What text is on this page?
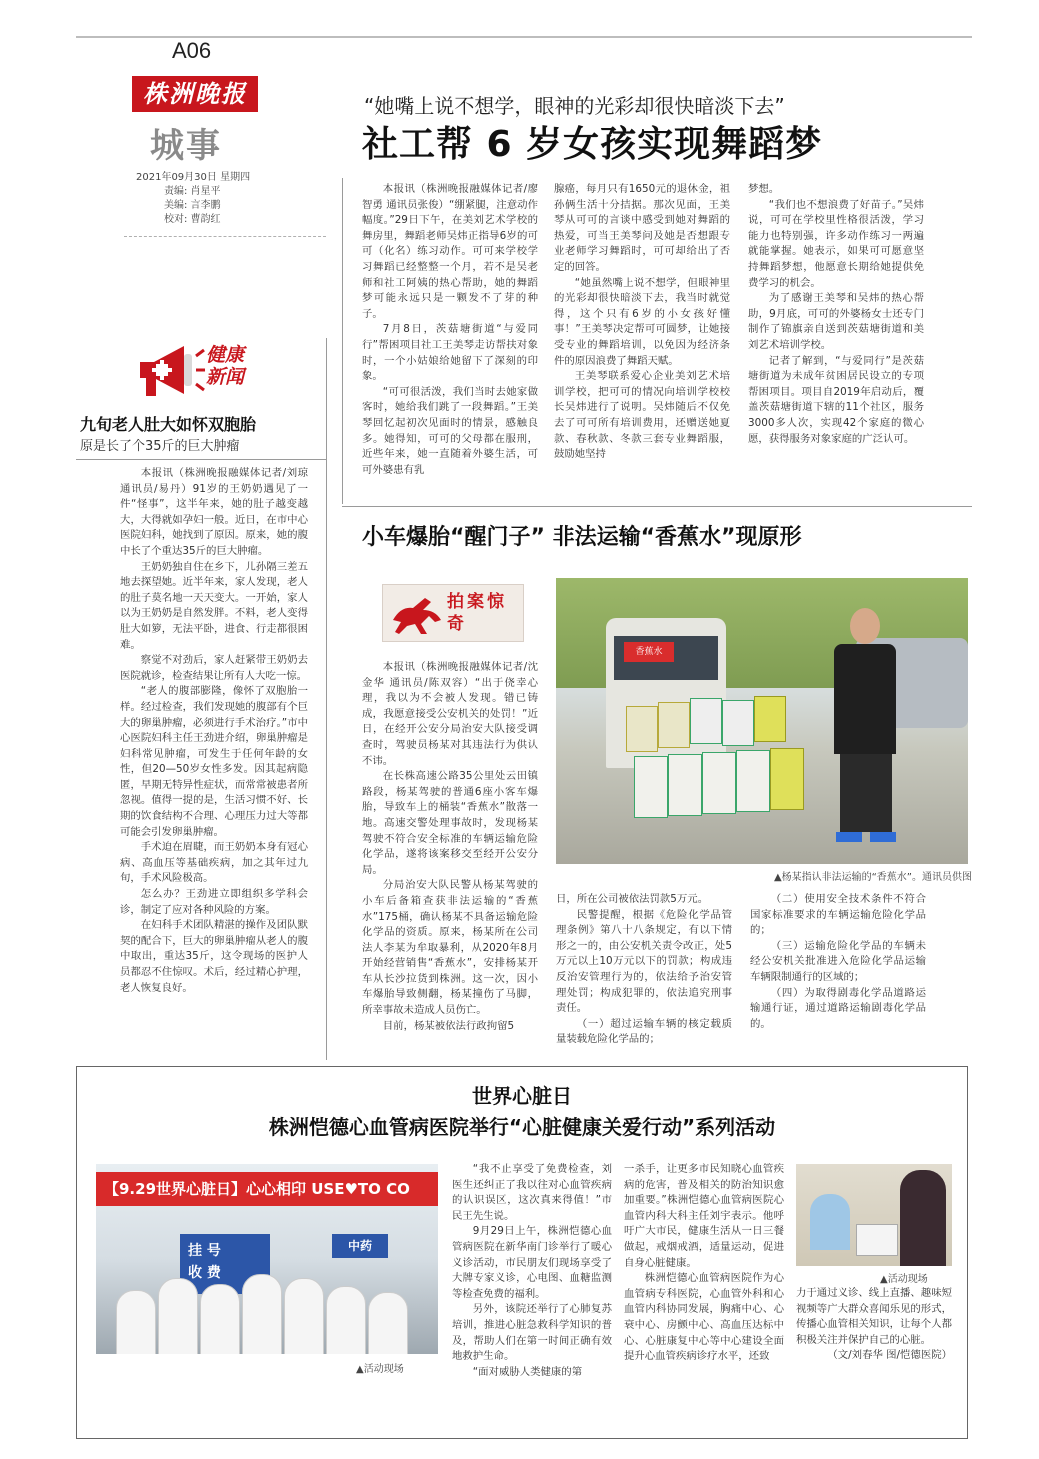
A06
株洲晚报
城事
2021年09月30日 星期四
责编: 肖星平
美编: 言李鹏
校对: 曹韵红
“她嘴上说不想学，眼神的光彩却很快暗淡下去”
社工帮 6 岁女孩实现舞蹈梦

本报讯（株洲晚报融媒体记者/廖智勇 通讯员张俊）“绷紧腿，注意动作幅度。”29日下午，在美刘艺术学校的舞房里，舞蹈老师吴炜正指导6岁的可可（化名）练习动作。可可来学校学习舞蹈已经整整一个月，若不是吴老师和社工阿姨的热心帮助，她的舞蹈梦可能永远只是一颗发不了芽的种子。

7月8日，茨菇塘街道“与爱同行”帮困项目社工王美琴走访帮扶对象时，一个小姑娘给她留下了深刻的印象。

“可可很活泼，我们当时去她家做客时，她给我们跳了一段舞蹈。”王美琴回忆起初次见面时的情景，感触良多。她得知，可可的父母都在服刑，近些年来，她一直随着外婆生活，可可外婆患有乳

腺癌，每月只有1650元的退休金，祖孙俩生活十分拮据。那次见面，王美琴从可可的言谈中感受到她对舞蹈的热爱，可当王美琴问及她是否想跟专业老师学习舞蹈时，可可却给出了否定的回答。

“她虽然嘴上说不想学，但眼神里的光彩却很快暗淡下去，我当时就觉得，这个只有6岁的小女孩好懂事！”王美琴决定帮可可圆梦，让她接受专业的舞蹈培训，以免因为经济条件的原因浪费了舞蹈天赋。

王美琴联系爱心企业美刘艺术培训学校，把可可的情况向培训学校校长吴炜进行了说明。吴炜随后不仅免去了可可所有培训费用，还赠送她夏款、春秋款、冬款三套专业舞蹈服，鼓励她坚持

梦想。

“我们也不想浪费了好苗子。”吴炜说，可可在学校里性格很活泼，学习能力也特别强，许多动作练习一两遍就能掌握。她表示，如果可可愿意坚持舞蹈梦想，他愿意长期给她提供免费学习的机会。

为了感谢王美琴和吴炜的热心帮助，9月底，可可的外婆杨女士还专门制作了锦旗亲自送到茨菇塘街道和美刘艺术培训学校。

记者了解到，“与爱同行”是茨菇塘街道为未成年贫困居民设立的专项帮困项目。项目自2019年启动后，覆盖茨菇塘街道下辖的11个社区，服务3000多人次，实现42个家庭的微心愿，获得服务对象家庭的广泛认可。

健康
新闻
九旬老人肚大如怀双胞胎
原是长了个35斤的巨大肿瘤

本报讯（株洲晚报融媒体记者/刘琼 通讯员/易丹）91岁的王奶奶遇见了一件“怪事”，这半年来，她的肚子越变越大，大得就如孕妇一般。近日，在市中心医院妇科，她找到了原因。原来，她的腹中长了个重达35斤的巨大肿瘤。

王奶奶独自住在乡下，儿孙隔三差五地去探望她。近半年来，家人发现，老人的肚子莫名地一天天变大。一开始，家人以为王奶奶是自然发胖。不料，老人变得肚大如箩，无法平卧，进食、行走都很困难。

察觉不对劲后，家人赶紧带王奶奶去医院就诊，检查结果让所有人大吃一惊。

“老人的腹部膨隆，像怀了双胞胎一样。经过检查，我们发现她的腹部有个巨大的卵巢肿瘤，必须进行手术治疗。”市中心医院妇科主任王劲进介绍，卵巢肿瘤是妇科常见肿瘤，可发生于任何年龄的女性，但20—50岁女性多发。因其起病隐匿，早期无特异性症状，而常常被患者所忽视。值得一提的是，生活习惯不好、长期的饮食结构不合理、心理压力过大等都可能会引发卵巢肿瘤。

手术迫在眉睫，而王奶奶本身有冠心病、高血压等基础疾病，加之其年过九旬，手术风险极高。

怎么办？王劲进立即组织多学科会诊，制定了应对各种风险的方案。

在妇科手术团队精湛的操作及团队默契的配合下，巨大的卵巢肿瘤从老人的腹中取出，重达35斤，这令现场的医护人员都忍不住惊叹。术后，经过精心护理，老人恢复良好。

小车爆胎“醒门子” 非法运输“香蕉水”现原形
拍案惊奇

本报讯（株洲晚报融媒体记者/沈金华 通讯员/陈双容）“出于侥幸心理，我以为不会被人发现。错已铸成，我愿意接受公安机关的处罚！”近日，在经开公安分局治安大队接受调查时，驾驶员杨某对其违法行为供认不讳。

在长株高速公路35公里处云田镇路段，杨某驾驶的普通6座小客车爆胎，导致车上的桶装“香蕉水”散落一地。高速交警处理事故时，发现杨某驾驶不符合安全标准的车辆运输危险化学品，遂将该案移交至经开公安分局。

分局治安大队民警从杨某驾驶的小车后备箱查获非法运输的“香蕉水”175桶，确认杨某不具备运输危险化学品的资质。原来，杨某所在公司法人李某为牟取暴利，从2020年8月开始经营销售“香蕉水”，安排杨某开车从长沙拉货到株洲。这一次，因小车爆胎导致侧翻，杨某撞伤了马脚，所幸事故未造成人员伤亡。

目前，杨某被依法行政拘留5

香蕉水
▲杨某指认非法运输的“香蕉水”。通讯员供图

日，所在公司被依法罚款5万元。

民警提醒，根据《危险化学品管理条例》第八十八条规定，有以下情形之一的，由公安机关责令改正，处5万元以上10万元以下的罚款；构成违反治安管理行为的，依法给予治安管理处罚；构成犯罪的，依法追究刑事责任。

（一）超过运输车辆的核定载质量装载危险化学品的；

（二）使用安全技术条件不符合国家标准要求的车辆运输危险化学品的；

（三）运输危险化学品的车辆未经公安机关批准进入危险化学品运输车辆限制通行的区域的；

（四）为取得剧毒化学品道路运输通行证，通过道路运输剧毒化学品的。

世界心脏日
株洲恺德心血管病医院举行“心脏健康关爱行动”系列活动
【9.29世界心脏日】心心相印 USE♥TO CO
挂 号
收 费
中药
▲活动现场

“我不止享受了免费检查，刘医生还纠正了我以往对心血管疾病的认识误区，这次真来得值！”市民王先生说。

9月29日上午，株洲恺德心血管病医院在新华南门诊举行了暖心义诊活动，市民朋友们现场享受了大牌专家义诊，心电图、血糖监测等检查免费的福利。

另外，该院还举行了心肺复苏培训，推进心脏急救科学知识的普及，帮助人们在第一时间正确有效地救护生命。

“面对威胁人类健康的第

一杀手，让更多市民知晓心血管疾病的危害，普及相关的防治知识愈加重要。”株洲恺德心血管病医院心血管内科大科主任刘宇表示。他呼吁广大市民，健康生活从一日三餐做起，戒烟戒酒，适量运动，促进自身心脏健康。

株洲恺德心血管病医院作为心血管病专科医院，心血管外科和心血管内科协同发展，胸痛中心、心衰中心、房颤中心、高血压达标中心、心脏康复中心等中心建设全面提升心血管疾病诊疗水平，还致

▲活动现场

力于通过义诊、线上直播、趣味短视频等广大群众喜闻乐见的形式，传播心血管相关知识，让每个人都积极关注并保护自己的心脏。

（文/刘春华 图/恺德医院）
